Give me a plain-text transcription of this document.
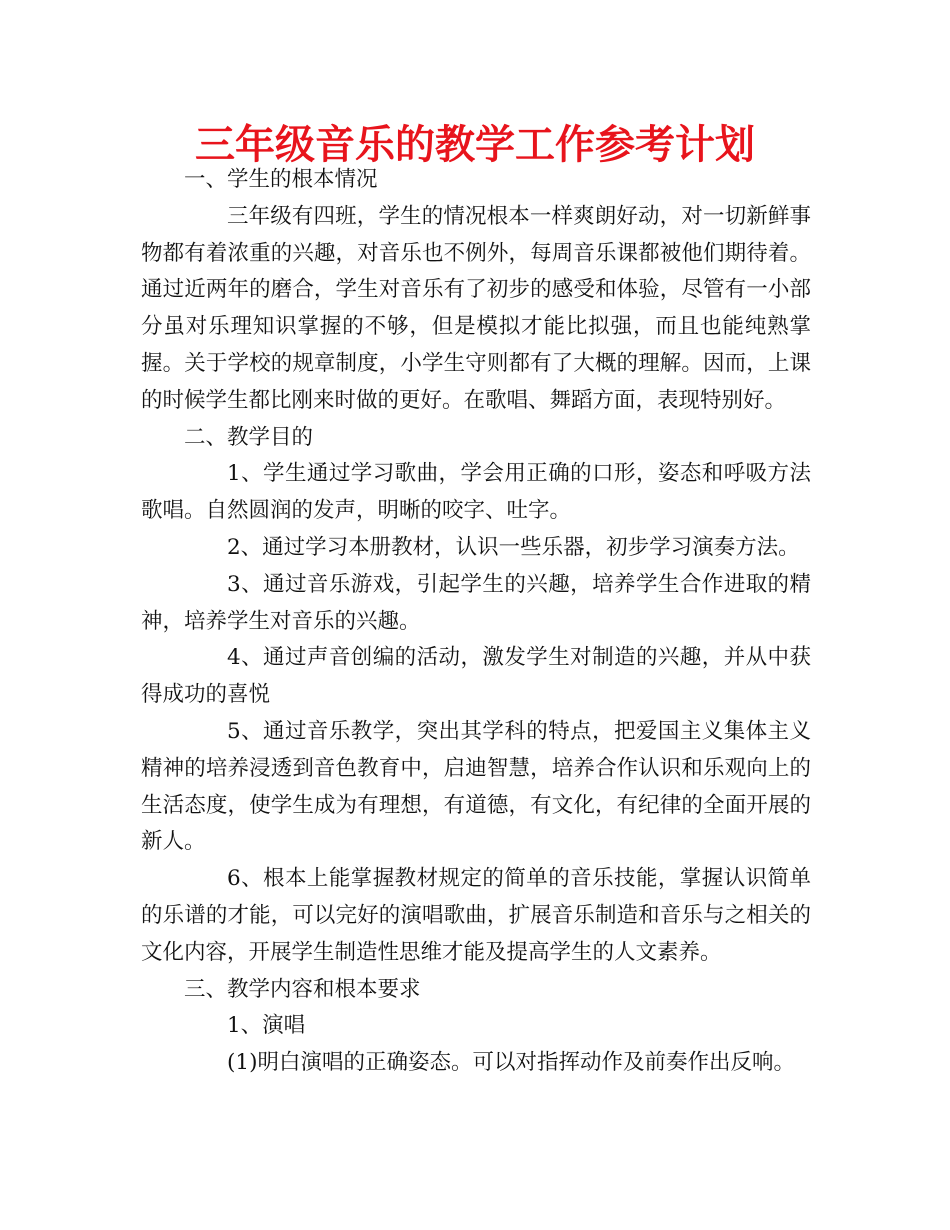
三年级音乐的教学工作参考计划

一、学生的根本情况

三年级有四班，学生的情况根本一样爽朗好动，对一切新鲜事物都有着浓重的兴趣，对音乐也不例外，每周音乐课都被他们期待着。通过近两年的磨合，学生对音乐有了初步的感受和体验，尽管有一小部分虽对乐理知识掌握的不够，但是模拟才能比拟强，而且也能纯熟掌握。关于学校的规章制度，小学生守则都有了大概的理解。因而，上课的时候学生都比刚来时做的更好。在歌唱、舞蹈方面，表现特别好。

二、教学目的

1、学生通过学习歌曲，学会用正确的口形，姿态和呼吸方法歌唱。自然圆润的发声，明晰的咬字、吐字。

2、通过学习本册教材，认识一些乐器，初步学习演奏方法。

3、通过音乐游戏，引起学生的兴趣，培养学生合作进取的精神，培养学生对音乐的兴趣。

4、通过声音创编的活动，激发学生对制造的兴趣，并从中获得成功的喜悦

5、通过音乐教学，突出其学科的特点，把爱国主义集体主义精神的培养浸透到音色教育中，启迪智慧，培养合作认识和乐观向上的生活态度，使学生成为有理想，有道德，有文化，有纪律的全面开展的新人。

6、根本上能掌握教材规定的简单的音乐技能，掌握认识简单的乐谱的才能，可以完好的演唱歌曲，扩展音乐制造和音乐与之相关的文化内容，开展学生制造性思维才能及提高学生的人文素养。

三、教学内容和根本要求

1、演唱

(1)明白演唱的正确姿态。可以对指挥动作及前奏作出反响。
